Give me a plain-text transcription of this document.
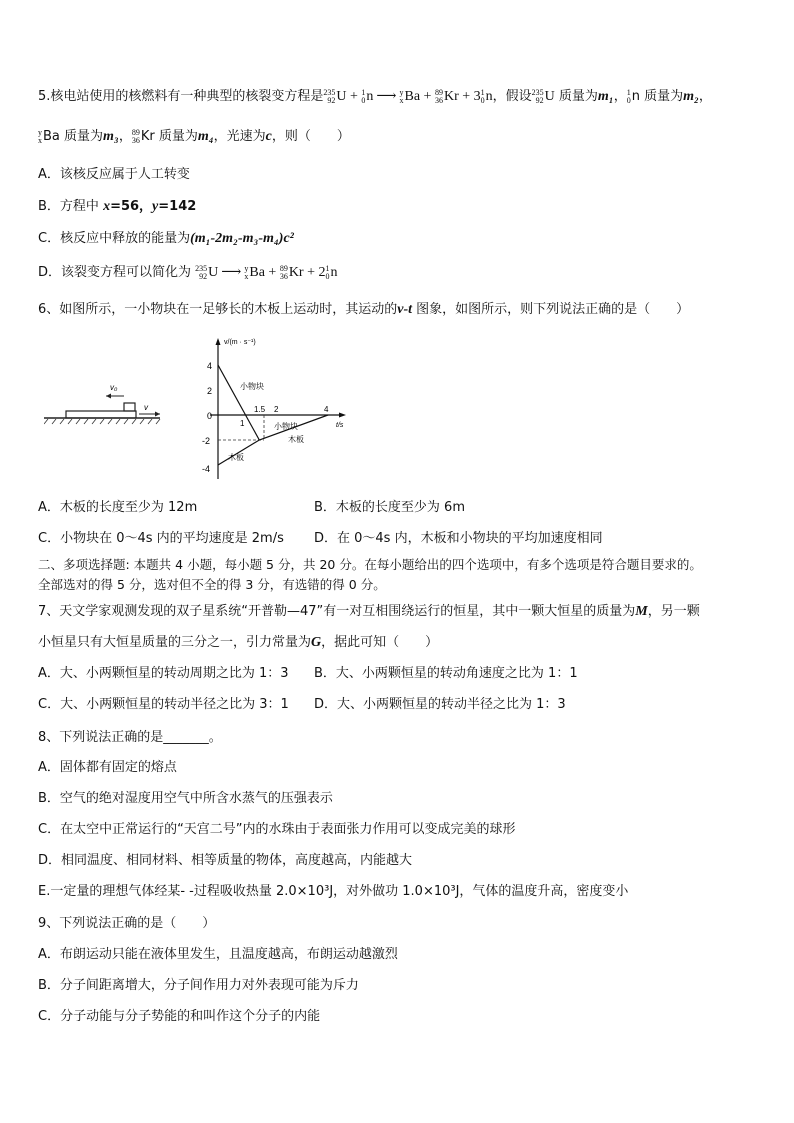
5.核电站使用的核燃料有一种典型的核裂变方程是 235
92 U + 1
0 n ⟶ y
x Ba + 89
36 Kr + 3 1
0 n，假设 235
92 U 质量为m₁， 1
0 n 质量为m₂，
y
x Ba 质量为m₃， 89
36 Kr 质量为m₄，光速为c，则（　　）
A．该核反应属于人工转变
B．方程中 x=56，y=142
C．核反应中释放的能量为(m₁-2m₂-m₃-m₄)c²
D．该裂变方程可以简化为 235
92 U ⟶ y
x Ba + 89
36 Kr + 2 1
0 n
6、如图所示，一小物块在一足够长的木板上运动时，其运动的v-t 图象，如图所示，则下列说法正确的是（　　）
v
v₀
v/(m · s⁻¹)
t/s
4
2
0
-2
-4
1
1.5 2	4
小物块
小物块
木板
木板
A．木板的长度至少为 12m	B．木板的长度至少为 6m
C．小物块在 0～4s 内的平均速度是 2m/s D．在 0～4s 内，木板和小物块的平均加速度相同
二、多项选择题: 本题共 4 小题，每小题 5 分，共 20 分。在每小题给出的四个选项中，有多个选项是符合题目要求的。
全部选对的得 5 分，选对但不全的得 3 分，有选错的得 0 分。
7、天文学家观测发现的双子星系统“开普勒—47”有一对互相围绕运行的恒星，其中一颗大恒星的质量为M，另一颗
小恒星只有大恒星质量的三分之一，引力常量为G，据此可知（　　）
A．大、小两颗恒星的转动周期之比为 1：3 B．大、小两颗恒星的转动角速度之比为 1：1
C．大、小两颗恒星的转动半径之比为 3：1 D．大、小两颗恒星的转动半径之比为 1：3
8、下列说法正确的是_______。
A．固体都有固定的熔点
B．空气的绝对湿度用空气中所含水蒸气的压强表示
C．在太空中正常运行的“天宫二号”内的水珠由于表面张力作用可以变成完美的球形
D．相同温度、相同材料、相等质量的物体，高度越高，内能越大
E.一定量的理想气体经某- -过程吸收热量 2.0×10³J，对外做功 1.0×10³J，气体的温度升高，密度变小
9、下列说法正确的是（　　）
A．布朗运动只能在液体里发生，且温度越高，布朗运动越激烈
B．分子间距离增大，分子间作用力对外表现可能为斥力
C．分子动能与分子势能的和叫作这个分子的内能
